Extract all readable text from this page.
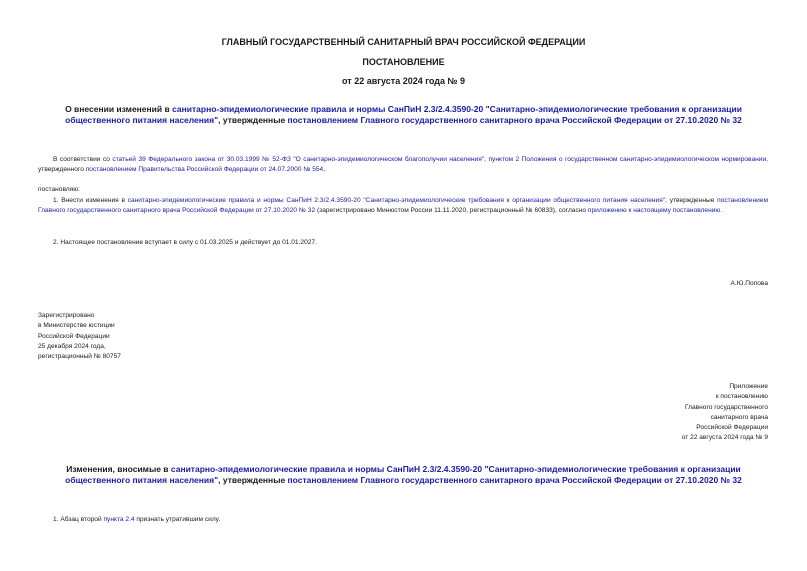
ГЛАВНЫЙ ГОСУДАРСТВЕННЫЙ САНИТАРНЫЙ ВРАЧ РОССИЙСКОЙ ФЕДЕРАЦИИ
ПОСТАНОВЛЕНИЕ
от 22 августа 2024 года № 9
О внесении изменений в санитарно-эпидемиологические правила и нормы СанПиН 2.3/2.4.3590-20 "Санитарно-эпидемиологические требования к организации общественного питания населения", утвержденные постановлением Главного государственного санитарного врача Российской Федерации от 27.10.2020 № 32
В соответствии со статьей 39 Федерального закона от 30.03.1999 № 52-ФЗ "О санитарно-эпидемиологическом благополучии населения", пунктом 2 Положения о государственном санитарно-эпидемиологическом нормировании, утвержденного постановлением Правительства Российской Федерации от 24.07.2000 № 554,
постановляю:
1. Внести изменения в санитарно-эпидемиологические правила и нормы СанПиН 2.3/2.4.3590-20 "Санитарно-эпидемиологические требования к организации общественного питания населения", утвержденные постановлением Главного государственного санитарного врача Российской Федерации от 27.10.2020 № 32 (зарегистрировано Минюстом России 11.11.2020, регистрационный № 60833), согласно приложению к настоящему постановлению.
2. Настоящее постановление вступает в силу с 01.03.2025 и действует до 01.01.2027.
А.Ю.Попова
Зарегистрировано
в Министерстве юстиции
Российской Федерации
25 декабря 2024 года,
регистрационный № 80757
Приложение
к постановлению
Главного государственного
санитарного врача
Российской Федерации
от 22 августа 2024 года № 9
Изменения, вносимые в санитарно-эпидемиологические правила и нормы СанПиН 2.3/2.4.3590-20 "Санитарно-эпидемиологические требования к организации общественного питания населения", утвержденные постановлением Главного государственного санитарного врача Российской Федерации от 27.10.2020 № 32
1. Абзац второй пункта 2.4 признать утратившим силу.
